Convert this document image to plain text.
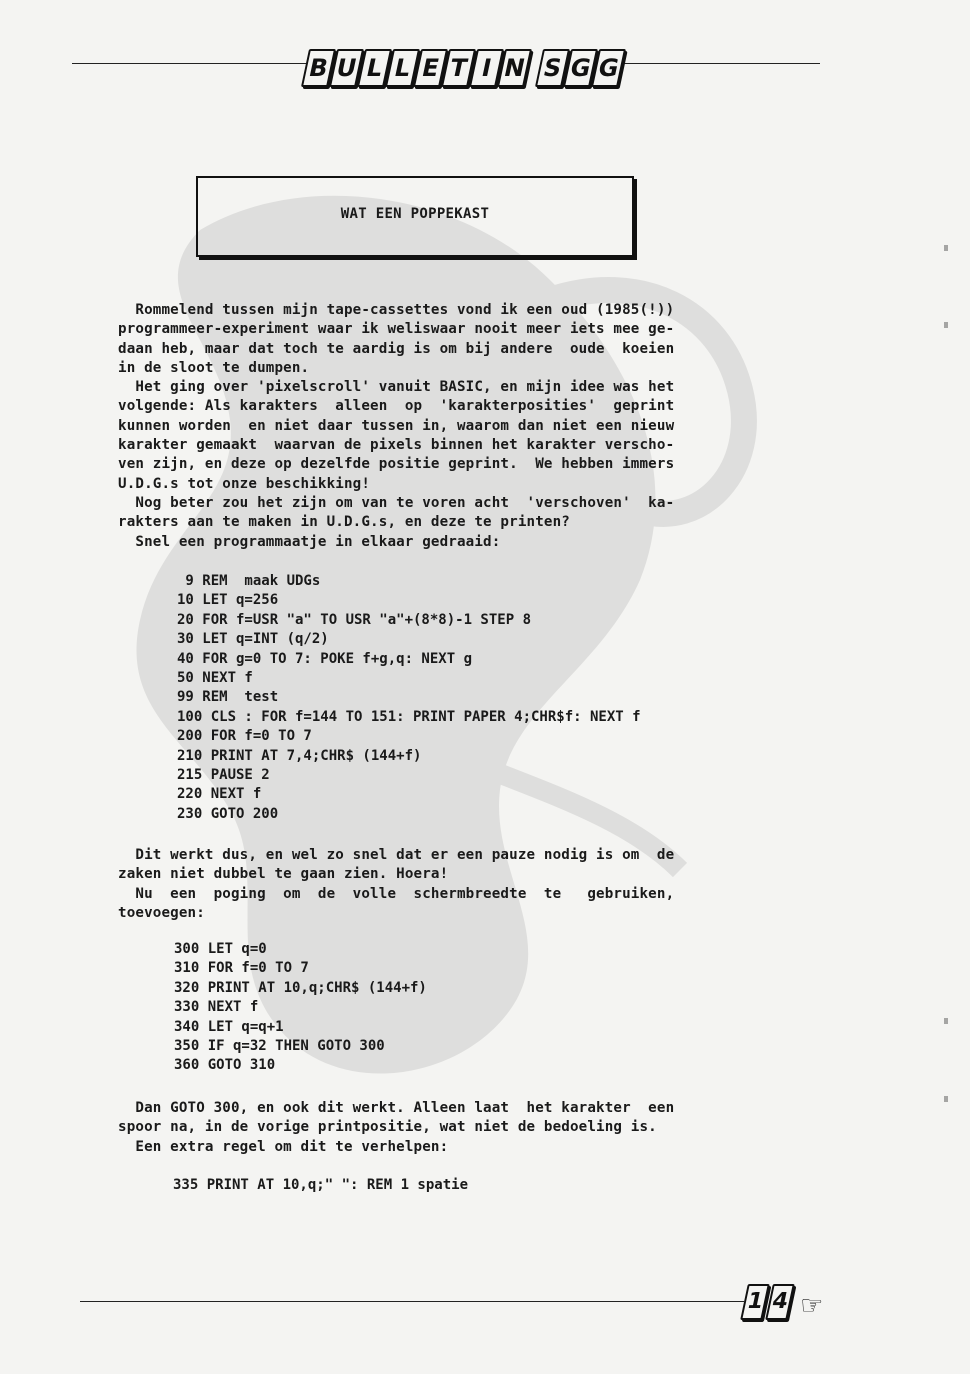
B U L L E T I N S G G
WAT EEN POPPEKAST
Rommelend tussen mijn tape-cassettes vond ik een oud (1985(!))
programmeer-experiment waar ik weliswaar nooit meer iets mee ge-
daan heb, maar dat toch te aardig is om bij andere  oude  koeien
in de sloot te dumpen.
Het ging over 'pixelscroll' vanuit BASIC, en mijn idee was het
volgende: Als karakters  alleen  op  'karakterposities'  geprint
kunnen worden  en niet daar tussen in, waarom dan niet een nieuw
karakter gemaakt  waarvan de pixels binnen het karakter verscho-
ven zijn, en deze op dezelfde positie geprint.  We hebben immers
U.D.G.s tot onze beschikking!
Nog beter zou het zijn om van te voren acht  'verschoven'  ka-
rakters aan te maken in U.D.G.s, en deze te printen?
Snel een programmaatje in elkaar gedraaid:
9 REM  maak UDGs
10 LET q=256
20 FOR f=USR "a" TO USR "a"+(8*8)-1 STEP 8
30 LET q=INT (q/2)
40 FOR g=0 TO 7: POKE f+g,q: NEXT g
50 NEXT f
99 REM  test
100 CLS : FOR f=144 TO 151: PRINT PAPER 4;CHR$f: NEXT f
200 FOR f=0 TO 7
210 PRINT AT 7,4;CHR$ (144+f)
215 PAUSE 2
220 NEXT f
230 GOTO 200
Dit werkt dus, en wel zo snel dat er een pauze nodig is om  de
zaken niet dubbel te gaan zien. Hoera!
Nu  een  poging  om  de  volle  schermbreedte  te   gebruiken,
toevoegen:
300 LET q=0
310 FOR f=0 TO 7
320 PRINT AT 10,q;CHR$ (144+f)
330 NEXT f
340 LET q=q+1
350 IF q=32 THEN GOTO 300
360 GOTO 310
Dan GOTO 300, en ook dit werkt. Alleen laat  het karakter  een
spoor na, in de vorige printpositie, wat niet de bedoeling is.
Een extra regel om dit te verhelpen:
335 PRINT AT 10,q;" ": REM 1 spatie
1 4 ☞
